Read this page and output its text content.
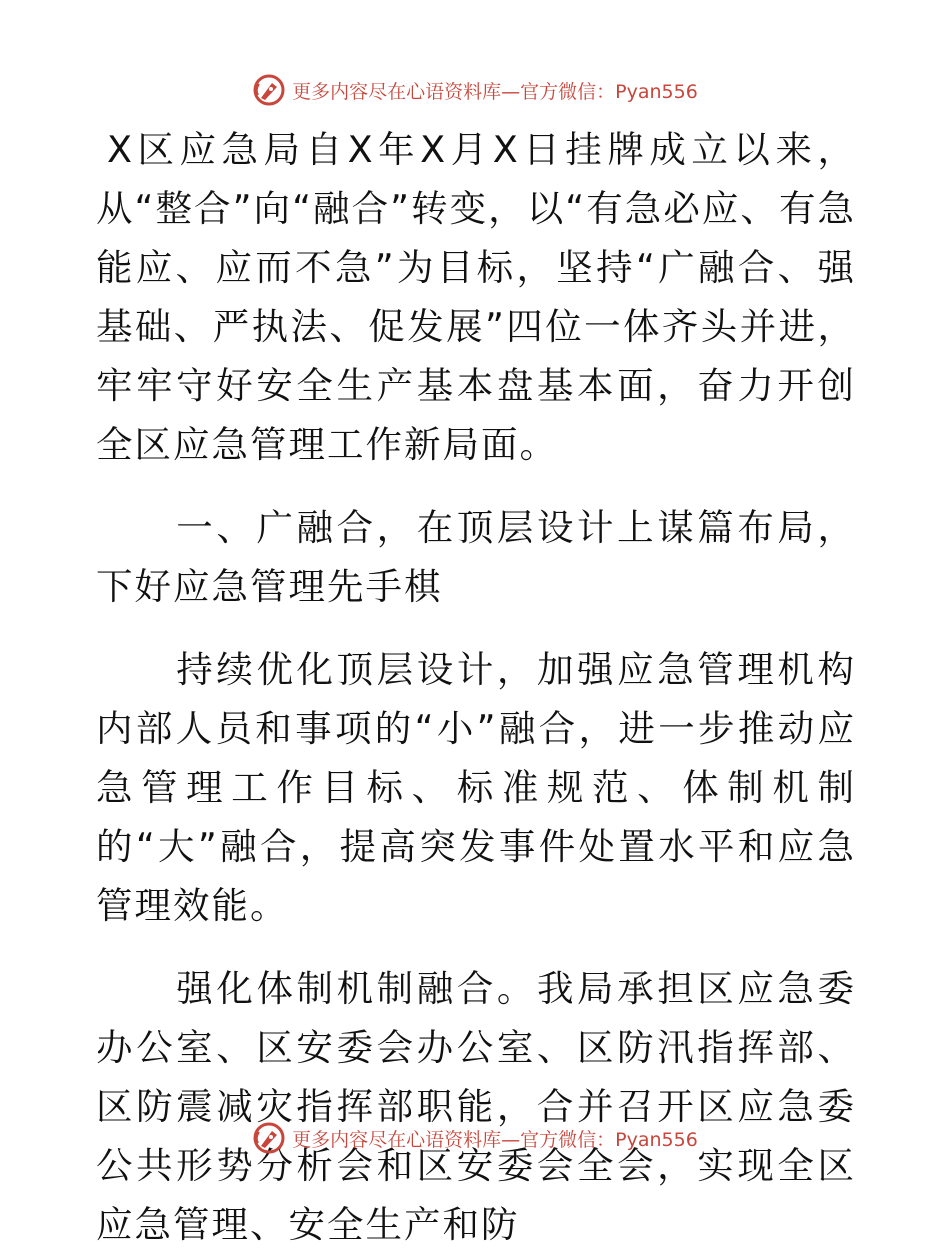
更多内容尽在心语资料库—官方微信：Pyan556

X区应急局自X年X月X日挂牌成立以来，从“整合”向“融合”转变，以“有急必应、有急能应、应而不急”为目标，坚持“广融合、强基础、严执法、促发展”四位一体齐头并进，牢牢守好安全生产基本盘基本面，奋力开创全区应急管理工作新局面。

一、广融合，在顶层设计上谋篇布局，下好应急管理先手棋

持续优化顶层设计，加强应急管理机构内部人员和事项的“小”融合，进一步推动应急管理工作目标、标准规范、体制机制的“大”融合，提高突发事件处置水平和应急管理效能。

强化体制机制融合。我局承担区应急委办公室、区安委会办公室、区防汛指挥部、区防震减灾指挥部职能，合并召开区应急委公共形势分析会和区安委会全会，实现全区应急管理、安全生产和防

更多内容尽在心语资料库—官方微信：Pyan556
